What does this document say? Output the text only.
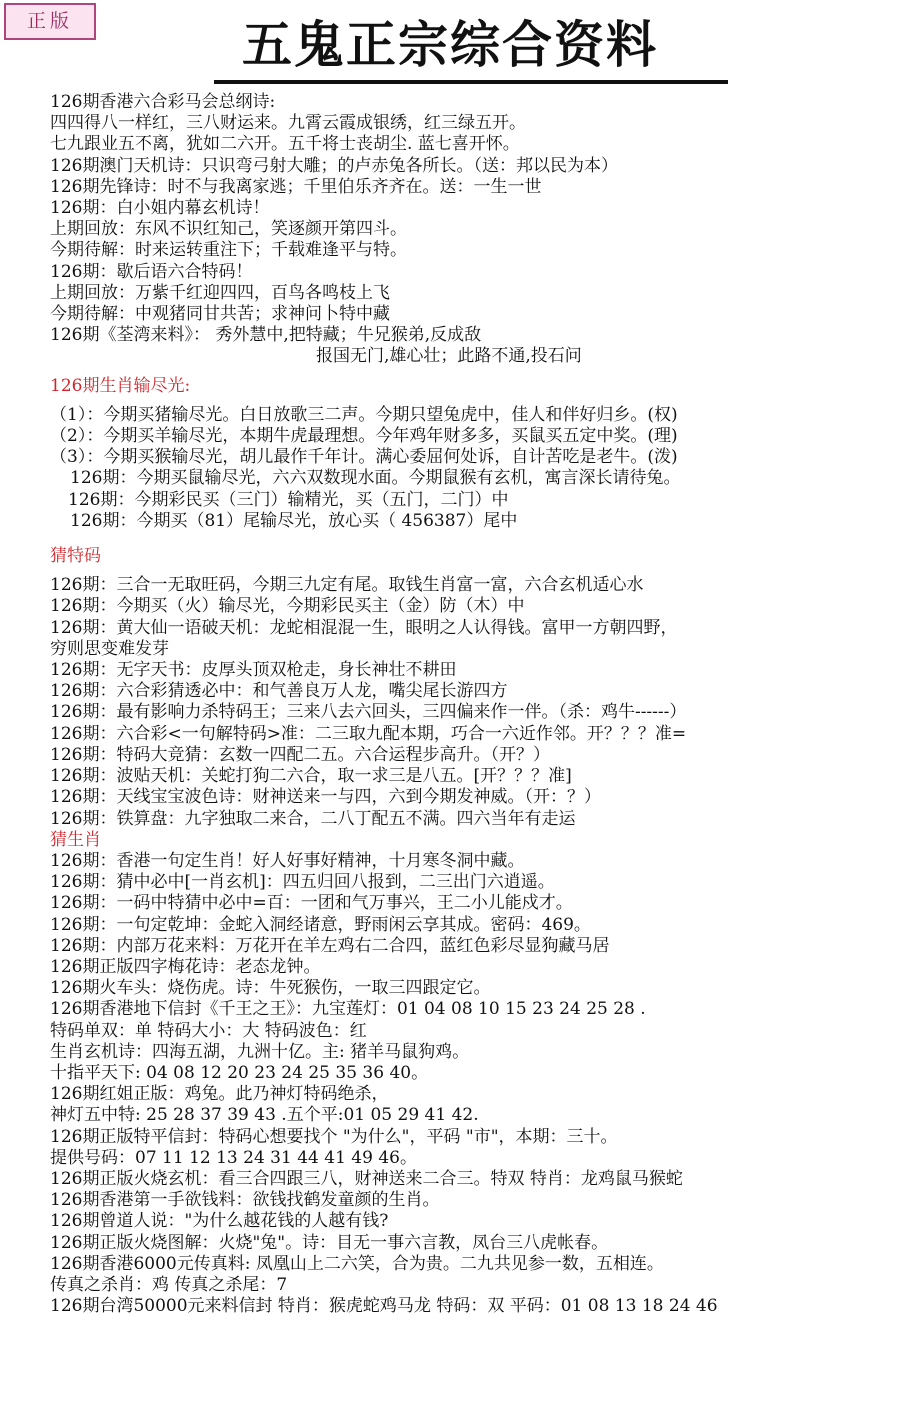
正版	五鬼正宗综合资料
126期香港六合彩马会总纲诗:
四四得八一样红，三八财运来。九霄云霞成银绣，红三绿五开。
七九跟业五不离，犹如二六开。五千将士丧胡尘. 蓝七喜开怀。
126期澳门天机诗：只识弯弓射大雕；的卢赤兔各所长。（送：邦以民为本）
126期先锋诗：时不与我离家逃；千里伯乐齐齐在。送：一生一世
126期：白小姐内幕玄机诗！
上期回放：东风不识红知己，笑逐颜开第四斗。
今期待解：时来运转重注下；千载难逢平与特。
126期：歇后语六合特码！
上期回放：万紫千红迎四四，百鸟各鸣枝上飞
今期待解：中观猪同甘共苦；求神问卜特中藏
126期《荃湾来料》： 秀外慧中,把特藏；牛兄猴弟,反成敌
报国无门,雄心壮；此路不通,投石问
126期生肖输尽光:
（1）：今期买猪输尽光。白日放歌三二声。今期只望兔虎中，佳人和伴好归乡。(权)
（2）：今期买羊输尽光，本期牛虎最理想。今年鸡年财多多，买鼠买五定中奖。(理)
（3）：今期买猴输尽光，胡儿最作千年计。满心委屈何处诉，自计苦吃是老牛。(泼)
126期：今期买鼠输尽光，六六双数现水面。今期鼠猴有玄机，寓言深长请待兔。
126期：今期彩民买（三门）输精光，买（五门，二门）中
126期：今期买（81）尾输尽光，放心买（ 456387）尾中
猜特码
126期：三合一无取旺码，今期三九定有尾。取钱生肖富一富，六合玄机适心水
126期：今期买（火）输尽光，今期彩民买主（金）防（木）中
126期：黄大仙一语破天机：龙蛇相混混一生，眼明之人认得钱。富甲一方朝四野，
穷则思变难发芽
126期：无字天书：皮厚头顶双枪走，身长神壮不耕田
126期：六合彩猜透必中：和气善良万人龙，嘴尖尾长游四方
126期：最有影响力杀特码王；三来八去六回头，三四偏来作一伴。（杀：鸡牛------）
126期：六合彩<一句解特码>准：二三取九配本期，巧合一六近作邻。开？？？准=
126期：特码大竞猜：玄数一四配二五。六合运程步高升。（开？）
126期：波贴天机：关蛇打狗二六合，取一求三是八五。[开？？？准]
126期：天线宝宝波色诗：财神送来一与四，六到今期发神威。（开：？）
126期：铁算盘：九字独取二来合，二八丁配五不满。四六当年有走运
猜生肖
126期：香港一句定生肖！好人好事好精神，十月寒冬洞中藏。
126期：猜中必中[一肖玄机]：四五归回八报到，二三出门六逍遥。
126期：一码中特猜中必中=百：一团和气万事兴，王二小儿能戍才。
126期：一句定乾坤：金蛇入洞经诸意，野雨闲云享其成。密码：469。
126期：内部万花来料：万花开在羊左鸡右二合四，蓝红色彩尽显狗藏马居
126期正版四字梅花诗：老态龙钟。
126期火车头：烧伤虎。诗：牛死猴伤，一取三四跟定它。
126期香港地下信封《千王之王》：九宝莲灯：01 04 08 10 15 23 24 25 28 .
特码单双：单 特码大小：大 特码波色：红
生肖玄机诗：四海五湖，九洲十亿。主: 猪羊马鼠狗鸡。
十指平天下: 04 08 12 20 23 24 25 35 36 40。
126期红姐正版：鸡兔。此乃神灯特码绝杀，
神灯五中特: 25 28 37 39 43 .五个平:01 05 29 41 42.
126期正版特平信封：特码心想要找个 "为什么"，平码 "市"，本期：三十。
提供号码：07 11 12 13 24 31 44 41 49 46。
126期正版火烧玄机：看三合四跟三八，财神送来二合三。特双 特肖：龙鸡鼠马猴蛇
126期香港第一手欲钱料：欲钱找鹤发童颜的生肖。
126期曾道人说："为什么越花钱的人越有钱?
126期正版火烧图解：火烧"兔"。诗：目无一事六言教，凤台三八虎帐春。
126期香港6000元传真料: 凤凰山上二六笑，合为贵。二九共见参一数，五相连。
传真之杀肖：鸡 传真之杀尾：7
126期台湾50000元来料信封 特肖：猴虎蛇鸡马龙 特码：双 平码：01 08 13 18 24 46
